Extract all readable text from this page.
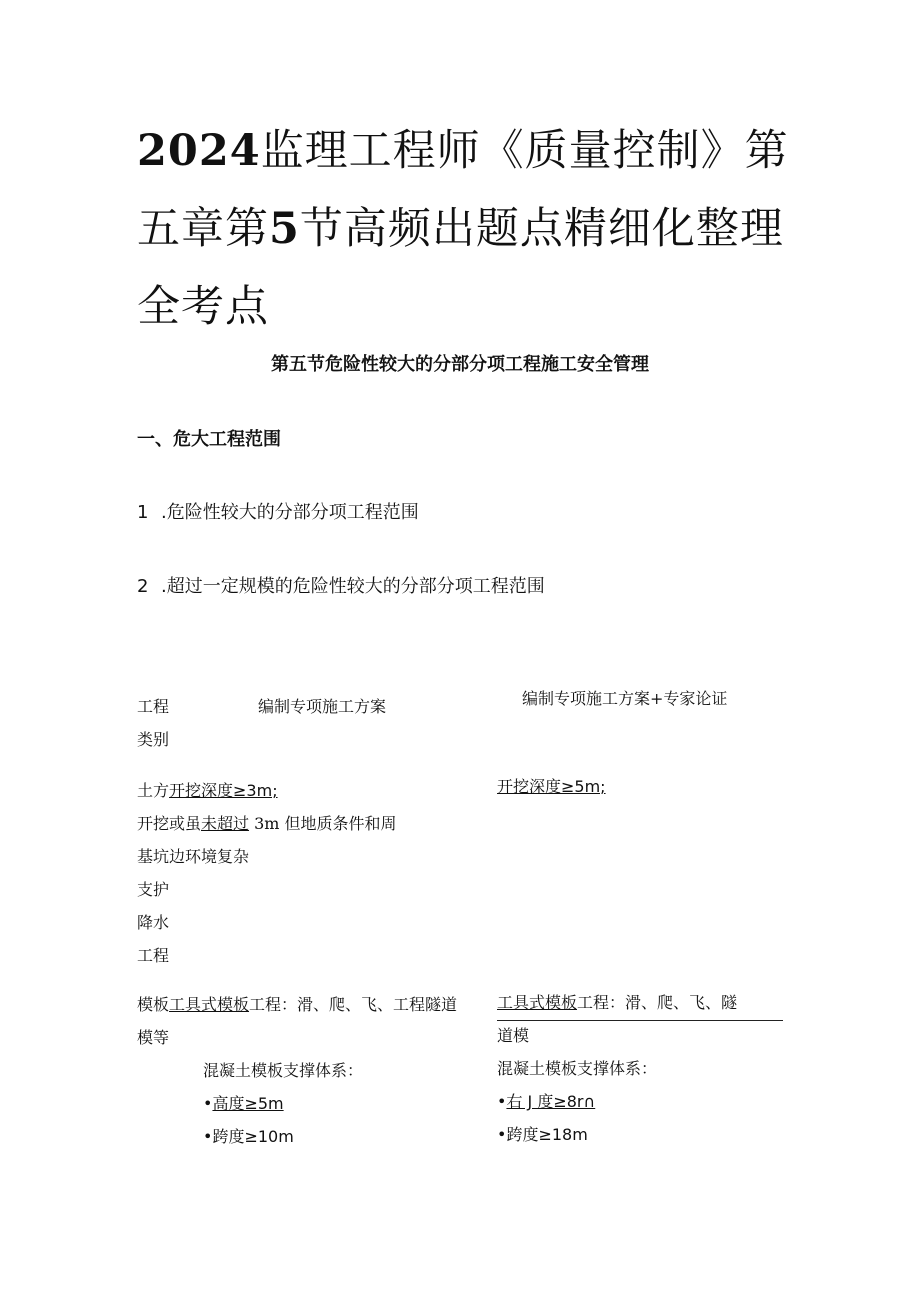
2024监理工程师《质量控制》第五章第5节高频出题点精细化整理全考点
第五节危险性较大的分部分项工程施工安全管理
一、危大工程范围
1 .危险性较大的分部分项工程范围
2 .超过一定规模的危险性较大的分部分项工程范围
工程
类别
编制专项施工方案	编制专项施工方案+专家论证
土方开挖深度≥3m;
开挖或虽未超过 3m 但地质条件和周
基坑边环境复杂
支护
降水
工程
开挖深度≥5m;
模板工具式模板工程：滑、爬、飞、工程隧道
模等
混凝土模板支撑体系：
•高度≥5m
•跨度≥10m
工具式模板工程：滑、爬、飞、隧
道模
混凝土模板支撑体系：
•右 J 度≥8r∩
•跨度≥18m
